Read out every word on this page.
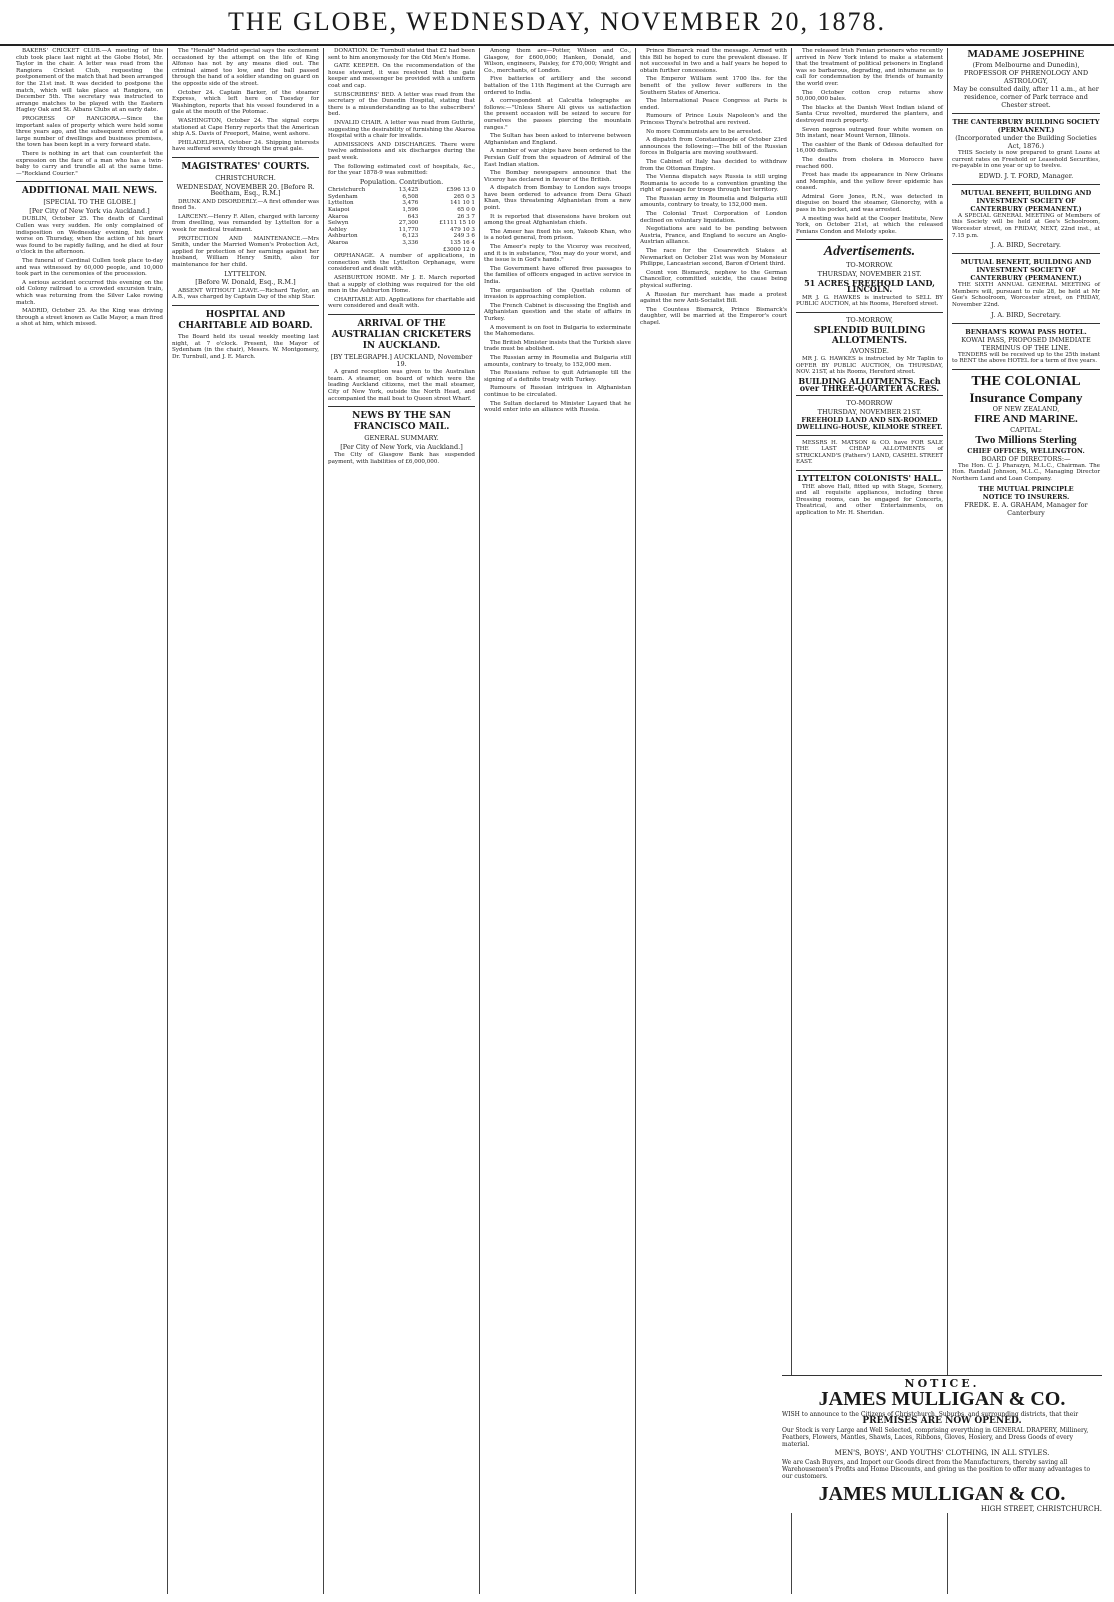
THE GLOBE, WEDNESDAY, NOVEMBER 20, 1878.

BAKERS' CRICKET CLUB.—A meeting of this club took place last night at the Globe Hotel, Mr. Taylor in the chair. A letter was read from the Rangiora Cricket Club, requesting the postponement of the match that had been arranged for the 21st inst. It was decided to postpone the match, which will take place at Rangiora, on December 5th. The secretary was instructed to arrange matches to be played with the Eastern Hagley Oak and St. Albans Clubs at an early date.

PROGRESS OF RANGIORA.—Since the important sales of property which were held some three years ago, and the subsequent erection of a large number of dwellings and business premises, the town has been kept in a very forward state.

There is nothing in art that can counterfeit the expression on the face of a man who has a twin-baby to carry and trundle all at the same time.—"Rockland Courier."

ADDITIONAL MAIL NEWS.
[SPECIAL TO THE GLOBE.]
[Per City of New York via Auckland.]

DUBLIN, October 25. The death of Cardinal Cullen was very sudden. He only complained of indisposition on Wednesday evening, but grew worse on Thursday, when the action of his heart was found to be rapidly failing, and he died at four o'clock in the afternoon.

The funeral of Cardinal Cullen took place to-day and was witnessed by 60,000 people, and 10,000 took part in the ceremonies of the procession.

A serious accident occurred this evening on the old Colony railroad to a crowded excursion train, which was returning from the Silver Lake rowing match.

MADRID, October 25. As the King was driving through a street known as Calle Mayor, a man fired a shot at him, which missed.

The "Herald" Madrid special says the excitement occasioned by the attempt on the life of King Alfonso has not by any means died out. The criminal aimed too low, and the ball passed through the hand of a soldier standing on guard on the opposite side of the street.

October 24. Captain Barker, of the steamer Express, which left here on Tuesday for Washington, reports that his vessel foundered in a gale at the mouth of the Potomac.

WASHINGTON, October 24. The signal corps stationed at Cape Henry reports that the American ship A.S. Davis of Freeport, Maine, went ashore.

PHILADELPHIA, October 24. Shipping interests have suffered severely through the great gale.

MAGISTRATES' COURTS.
CHRISTCHURCH.
WEDNESDAY, NOVEMBER 20. [Before R. Beetham, Esq., R.M.]

DRUNK AND DISORDERLY.—A first offender was fined 5s.

LARCENY.—Henry F. Allen, charged with larceny from dwelling, was remanded by Lyttelton for a week for medical treatment.

PROTECTION AND MAINTENANCE.—Mrs Smith, under the Married Women's Protection Act, applied for protection of her earnings against her husband, William Henry Smith, also for maintenance for her child.

LYTTELTON.
[Before W. Donald, Esq., R.M.]

ABSENT WITHOUT LEAVE.—Richard Taylor, an A.B., was charged by Captain Day of the ship Star.

HOSPITAL AND CHARITABLE AID BOARD.

The Board held its usual weekly meeting last night, at 7 o'clock. Present, the Mayor of Sydenham (in the chair), Messrs. W. Montgomery, Dr. Turnbull, and J. E. March.

DONATION. Dr. Turnbull stated that £2 had been sent to him anonymously for the Old Men's Home.

GATE KEEPER. On the recommendation of the house steward, it was resolved that the gate keeper and messenger be provided with a uniform coat and cap.

SUBSCRIBERS' BED. A letter was read from the secretary of the Dunedin Hospital, stating that there is a misunderstanding as to the subscribers' bed.

INVALID CHAIR. A letter was read from Guthrie, suggesting the desirability of furnishing the Akaroa Hospital with a chair for invalids.

ADMISSIONS AND DISCHARGES. There were twelve admissions and six discharges during the past week.

The following estimated cost of hospitals, &c., for the year 1878-9 was submitted:

Population. Contribution.
Christchurch	13,425	£596 13 0
Sydenham	6,508	265 0 3
Lyttelton	3,476	141 10 1
Kaiapoi	1,596	65 0 0
Akaroa	643	26 3 7
Selwyn	27,300	£1111 15 10
Ashley	11,770	479 10 3
Ashburton	6,123	249 3 6
Akaroa	3,336	135 16 4
		£3000 12 0

ORPHANAGE. A number of applications, in connection with the Lyttelton Orphanage, were considered and dealt with.

ASHBURTON HOME. Mr J. E. March reported that a supply of clothing was required for the old men in the Ashburton Home.

CHARITABLE AID. Applications for charitable aid were considered and dealt with.

ARRIVAL OF THE AUSTRALIAN CRICKETERS IN AUCKLAND.
[BY TELEGRAPH.] AUCKLAND, November 19.

A grand reception was given to the Australian team. A steamer, on board of which were the leading Auckland citizens, met the mail steamer, City of New York, outside the North Head, and accompanied the mail boat to Queen street Wharf.

NEWS BY THE SAN FRANCISCO MAIL.
GENERAL SUMMARY.
[Per City of New York, via Auckland.]

The City of Glasgow Bank has suspended payment, with liabilities of £6,000,000.

Among them are—Potter, Wilson and Co., Glasgow, for £600,000; Hanken, Donald, and Wilson, engineers, Paisley, for £70,000; Wright and Co., merchants, of London.

Five batteries of artillery and the second battalion of the 11th Regiment at the Curragh are ordered to India.

A correspondent at Calcutta telegraphs as follows:—"Unless Shere Ali gives us satisfaction the present occasion will be seized to secure for ourselves the passes piercing the mountain ranges."

The Sultan has been asked to intervene between Afghanistan and England.

A number of war ships have been ordered to the Persian Gulf from the squadron of Admiral of the East Indian station.

The Bombay newspapers announce that the Viceroy has declared in favour of the British.

A dispatch from Bombay to London says troops have been ordered to advance from Dera Ghazi Khan, thus threatening Afghanistan from a new point.

It is reported that dissensions have broken out among the great Afghanistan chiefs.

The Ameer has fixed his son, Yakoob Khan, who is a noted general, from prison.

The Ameer's reply to the Viceroy was received, and it is in substance, "You may do your worst, and the issue is in God's hands."

The Government have offered free passages to the families of officers engaged in active service in India.

The organisation of the Quettah column of invasion is approaching completion.

The French Cabinet is discussing the English and Afghanistan question and the state of affairs in Turkey.

A movement is on foot in Bulgaria to exterminate the Mahomedans.

The British Minister insists that the Turkish slave trade must be abolished.

The Russian army in Roumelia and Bulgaria still amounts, contrary to treaty, to 152,000 men.

The Russians refuse to quit Adrianople till the signing of a definite treaty with Turkey.

Rumours of Russian intrigues in Afghanistan continue to be circulated.

The Sultan declared to Minister Layard that he would enter into an alliance with Russia.

Prince Bismarck read the message. Armed with this Bill he hoped to cure the prevalent disease. If not successful in two and a half years he hoped to obtain further concessions.

The Emperor William sent 1700 lbs. for the benefit of the yellow fever sufferers in the Southern States of America.

The International Peace Congress at Paris is ended.

Rumours of Prince Louis Napoleon's and the Princess Thyra's betrothal are revived.

No more Communists are to be arrested.

A dispatch from Constantinople of October 23rd announces the following:—The bill of the Russian forces in Bulgaria are moving southward.

The Cabinet of Italy has decided to withdraw from the Ottoman Empire.

The Vienna dispatch says Russia is still urging Roumania to accede to a convention granting the right of passage for troops through her territory.

The Russian army in Roumelia and Bulgaria still amounts, contrary to treaty, to 152,000 men.

The Colonial Trust Corporation of London declined on voluntary liquidation.

Negotiations are said to be pending between Austria, France, and England to secure an Anglo-Austrian alliance.

The race for the Cesarewitch Stakes at Newmarket on October 21st was won by Monsieur Philippe, Lancastrian second, Baron d'Orient third.

Count von Bismarck, nephew to the German Chancellor, committed suicide, the cause being physical suffering.

A Russian fur merchant has made a protest against the new Anti-Socialist Bill.

The Countess Bismarck, Prince Bismarck's daughter, will be married at the Emperor's court chapel.

The released Irish Fenian prisoners who recently arrived in New York intend to make a statement that the treatment of political prisoners in England was so barbarous, degrading, and inhumane as to call for condemnation by the friends of humanity the world over.

The October cotton crop returns show 50,000,000 bales.

The blacks at the Danish West Indian island of Santa Cruz revolted, murdered the planters, and destroyed much property.

Seven negroes outraged four white women on 5th instant, near Mount Vernon, Illinois.

The cashier of the Bank of Odessa defaulted for 16,000 dollars.

The deaths from cholera in Morocco have reached 600.

Frost has made its appearance in New Orleans and Memphis, and the yellow fever epidemic has ceased.

Admiral Gore Jones, R.N., was detected in disguise on board the steamer, Glenorchy, with a pass in his pocket, and was arrested.

A meeting was held at the Cooper Institute, New York, on October 21st, at which the released Fenians Condon and Melody spoke.

Advertisements.
TO-MORROW.
THURSDAY, NOVEMBER 21ST.
51 ACRES FREEHOLD LAND, LINCOLN.

MR J. G. HAWKES is instructed to SELL BY PUBLIC AUCTION, at his Rooms, Hereford street.

TO-MORROW,
SPLENDID BUILDING ALLOTMENTS.
AVONSIDE.

MR J. G. HAWKES is instructed by Mr Taplin to OFFER BY PUBLIC AUCTION, On THURSDAY, NOV. 21ST, at his Rooms, Hereford street.

BUILDING ALLOTMENTS. Each over THREE-QUARTER ACRES.
TO-MORROW
THURSDAY, NOVEMBER 21ST.
FREEHOLD LAND AND SIX-ROOMED DWELLING-HOUSE, KILMORE STREET.

MESSRS H. MATSON & CO. have FOR SALE THE LAST CHEAP ALLOTMENTS of STRICKLAND'S (Fathers') LAND, CASHEL STREET EAST.

LYTTELTON COLONISTS' HALL.

THE above Hall, fitted up with Stage, Scenery, and all requisite appliances, including three Dressing rooms, can be engaged for Concerts, Theatrical, and other Entertainments, on application to Mr. H. Sheridan.

MADAME JOSEPHINE
(From Melbourne and Dunedin), PROFESSOR OF PHRENOLOGY AND ASTROLOGY,
May be consulted daily, after 11 a.m., at her residence, corner of Park terrace and Chester street.
THE CANTERBURY BUILDING SOCIETY (PERMANENT.)
(Incorporated under the Building Societies Act, 1876.)

THIS Society is now prepared to grant Loans at current rates on Freehold or Leasehold Securities, re-payable in one year or up to twelve.

EDWD. J. T. FORD, Manager.
MUTUAL BENEFIT, BUILDING AND INVESTMENT SOCIETY OF CANTERBURY (PERMANENT.)

A SPECIAL GENERAL MEETING of Members of this Society will be held at Gee's Schoolroom, Worcester street, on FRIDAY, NEXT, 22nd inst., at 7.15 p.m.

J. A. BIRD, Secretary.
MUTUAL BENEFIT, BUILDING AND INVESTMENT SOCIETY OF CANTERBURY (PERMANENT.)

THE SIXTH ANNUAL GENERAL MEETING of Members will, pursuant to rule 28, be held at Mr Gee's Schoolroom, Worcester street, on FRIDAY, November 22nd.

J. A. BIRD, Secretary.
BENHAM'S KOWAI PASS HOTEL.
KOWAI PASS, PROPOSED IMMEDIATE TERMINUS OF THE LINE.

TENDERS will be received up to the 25th instant to RENT the above HOTEL for a term of five years.

THE COLONIAL
Insurance Company
OF NEW ZEALAND,
FIRE AND MARINE.
CAPITAL:
Two Millions Sterling
CHIEF OFFICES, WELLINGTON.
BOARD OF DIRECTORS:—

The Hon. C. J. Pharazyn, M.L.C., Chairman. The Hon. Randall Johnson, M.L.C., Managing Director Northern Land and Loan Company.

THE MUTUAL PRINCIPLE
NOTICE TO INSURERS.
FREDK. E. A. GRAHAM, Manager for Canterbury
NOTICE.
JAMES MULLIGAN & CO.

WISH to announce to the Citizens of Christchurch, Suburbs, and surrounding districts, that their

PREMISES ARE NOW OPENED.

Our Stock is very Large and Well Selected, comprising everything in GENERAL DRAPERY, Millinery, Feathers, Flowers, Mantles, Shawls, Laces, Ribbons, Gloves, Hosiery, and Dress Goods of every material.

MEN'S, BOYS', AND YOUTHS' CLOTHING, IN ALL STYLES.

We are Cash Buyers, and Import our Goods direct from the Manufacturers, thereby saving all Warehousemen's Profits and Home Discounts, and giving us the position to offer many advantages to our customers.

JAMES MULLIGAN & CO.
HIGH STREET, CHRISTCHURCH.
